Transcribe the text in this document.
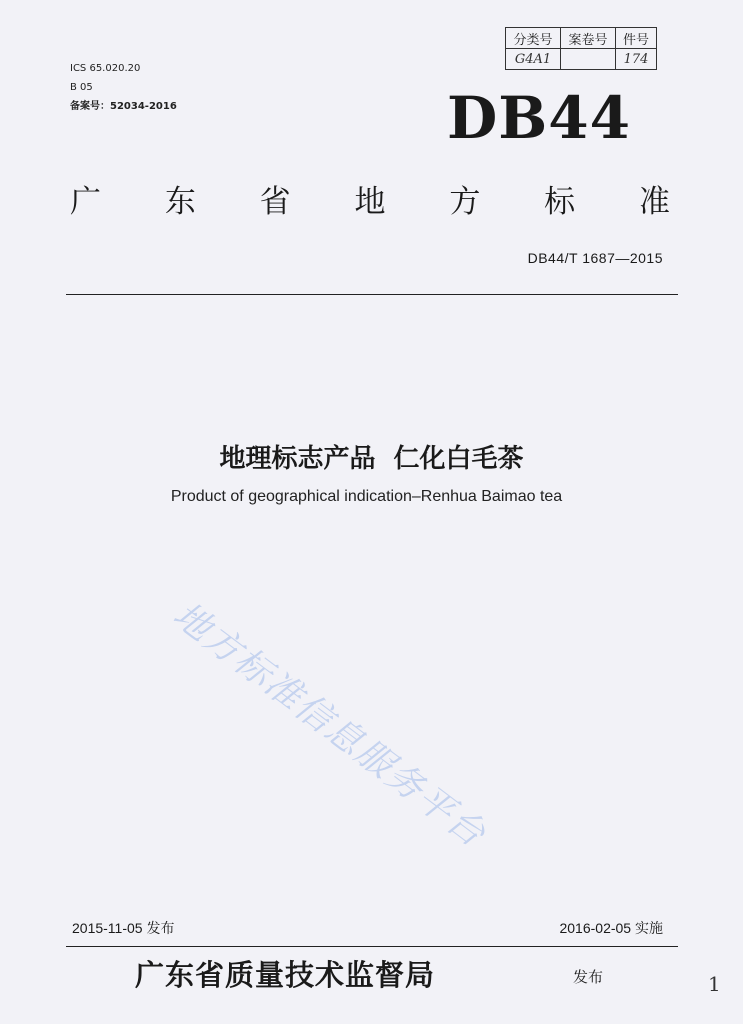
ICS 65.020.20
B 05
备案号：52034-2016
分类号	案卷号	件号
G4A1		174
DB44
广 东 省 地 方 标 准
DB44/T 1687—2015
地理标志产品  仁化白毛茶
Product of geographical indication–Renhua Baimao tea
地方标准信息服务平台
2015-11-05 发布	2016-02-05 实施
广东省质量技术监督局	发布	1
